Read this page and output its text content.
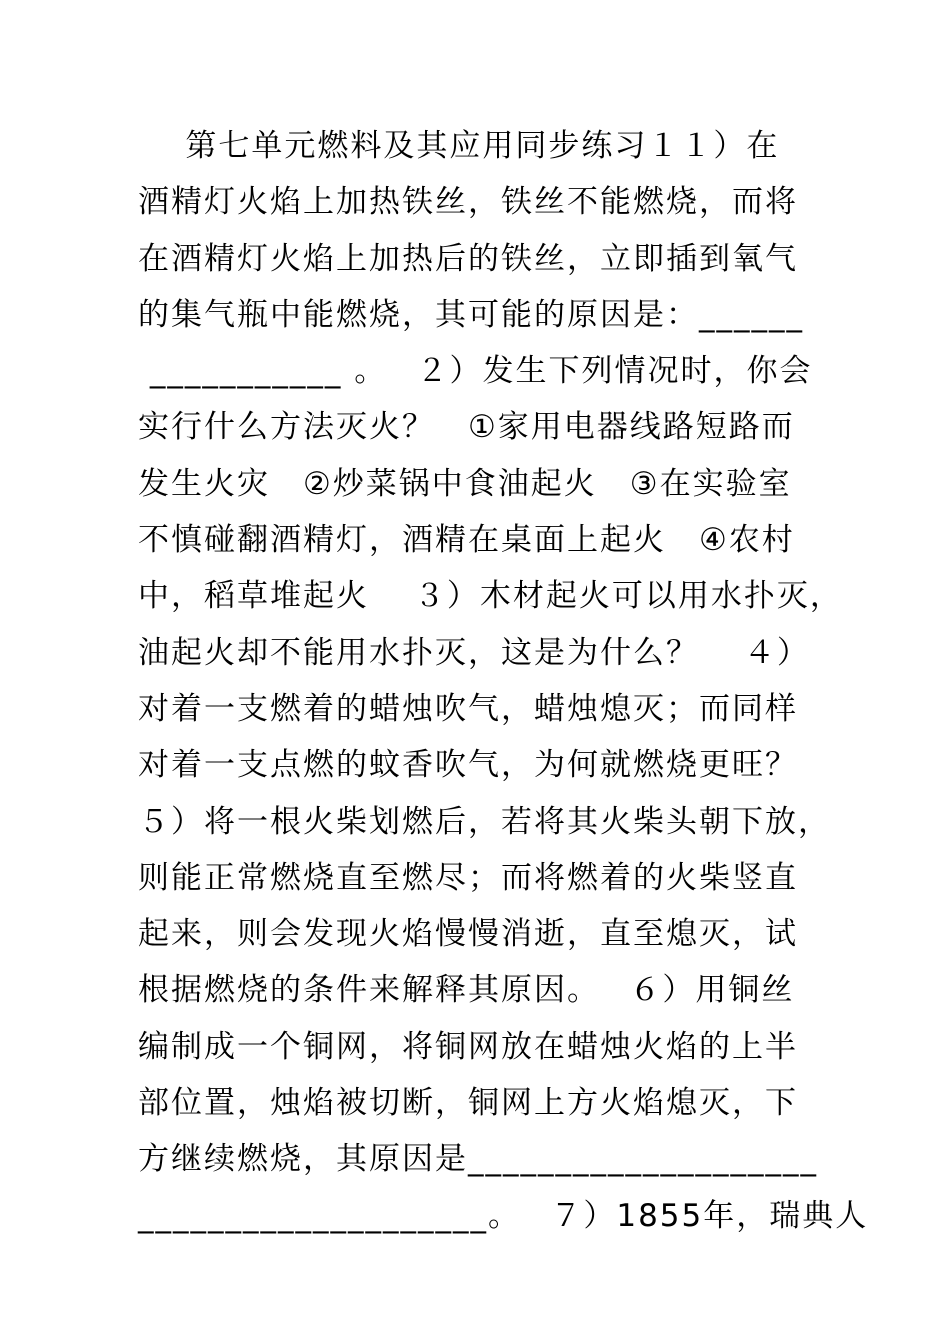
第七单元燃料及其应用同步练习１１）在
酒精灯火焰上加热铁丝，铁丝不能燃烧，而将
在酒精灯火焰上加热后的铁丝，立即插到氧气
的集气瓶中能燃烧，其可能的原因是：______
___________ 。　 ２）发生下列情况时，你会
实行什么方法灭火？　①家用电器线路短路而
发生火灾　②炒菜锅中食油起火　③在实验室
不慎碰翻酒精灯，酒精在桌面上起火　④农村
中，稻草堆起火　 ３）木材起火可以用水扑灭，
油起火却不能用水扑灭，这是为什么？　 ４）
对着一支燃着的蜡烛吹气，蜡烛熄灭；而同样
对着一支点燃的蚊香吹气，为何就燃烧更旺？
５）将一根火柴划燃后，若将其火柴头朝下放，
则能正常燃烧直至燃尽；而将燃着的火柴竖直
起来，则会发现火焰慢慢消逝，直至熄灭，试
根据燃烧的条件来解释其原因。　 ６）用铜丝
编制成一个铜网，将铜网放在蜡烛火焰的上半
部位置，烛焰被切断，铜网上方火焰熄灭，下
方继续燃烧，其原因是____________________
____________________。　 ７）1855年，瑞典人
